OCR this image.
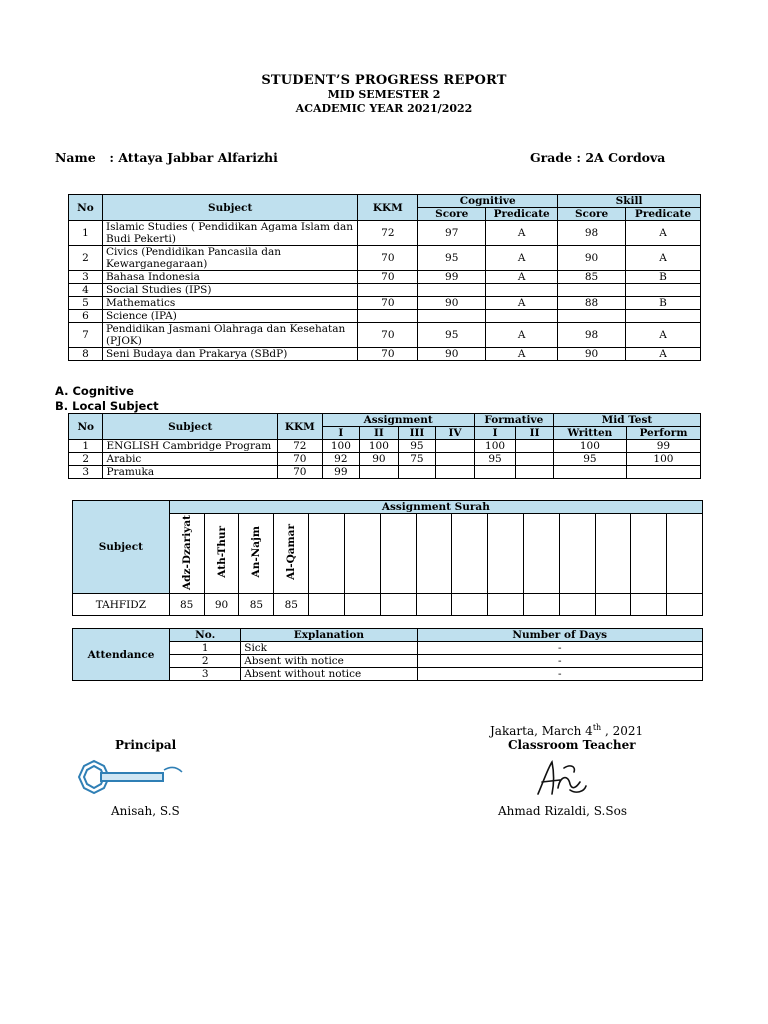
STUDENT’S PROGRESS REPORT
MID SEMESTER 2
ACADEMIC YEAR 2021/2022
Name : Attaya Jabbar Alfarizhi	Grade : 2A Cordova
No	Subject	KKM	Cognitive		Skill	
			Score	Predicate	Score	Predicate
1	Islamic Studies ( Pendidikan Agama Islam dan Budi Pekerti)	72	97	A	98	A
2	Civics (Pendidikan Pancasila dan Kewarganegaraan)	70	95	A	90	A
3	Bahasa Indonesia	70	99	A	85	B
4	Social Studies (IPS)					
5	Mathematics	70	90	A	88	B
6	Science (IPA)					
7	Pendidikan Jasmani Olahraga dan Kesehatan (PJOK)	70	95	A	98	A
8	Seni Budaya dan Prakarya (SBdP)	70	90	A	90	A
A. Cognitive
B. Local Subject
No	Subject	KKM	Assignment				Formative		Mid Test	
			I	II	III	IV	I	II	Written	Perform
1	ENGLISH Cambridge Program	72	100	100	95		100		100	99
2	Arabic	70	92	90	75		95		95	100
3	Pramuka	70	99							
Subject	Assignment Surah														
	Adz-Dzariyat	Ath-Thur	An-Najm	Al-Qamar											
TAHFIDZ	85	90	85	85											
Attendance	No.	Explanation	Number of Days
	1	Sick	-
	2	Absent with notice	-
	3	Absent without notice	-
Jakarta, March 4th , 2021
Principal	Classroom Teacher
Anisah, S.S	Ahmad Rizaldi, S.Sos
